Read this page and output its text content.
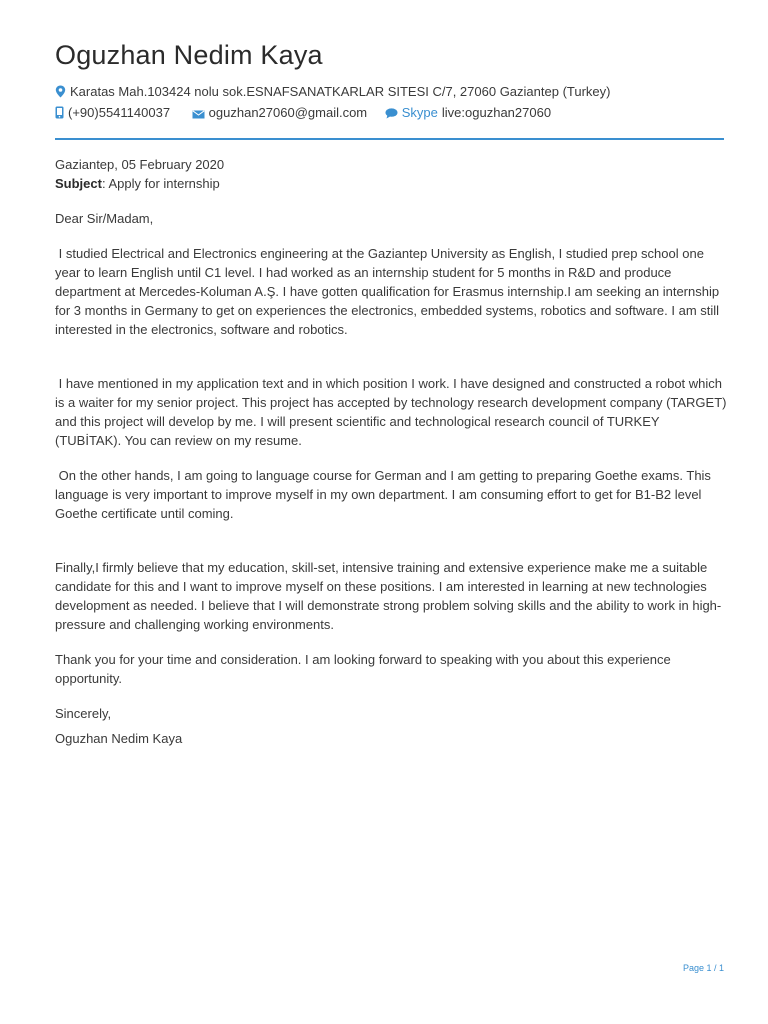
Oguzhan Nedim Kaya
Karatas Mah.103424 nolu sok.ESNAFSANATKARLAR SITESI C/7, 27060 Gaziantep (Turkey)
(+90)5541140037	oguzhan27060@gmail.com	Skype live:oguzhan27060

Gaziantep, 05 February 2020

Subject: Apply for internship

Dear Sir/Madam,

I studied Electrical and Electronics engineering at the Gaziantep University as English, I studied prep school one year to learn English until C1 level. I had worked as an internship student for 5 months in R&D and produce department at Mercedes-Koluman A.Ş. I have gotten qualification for Erasmus internship.I am seeking an internship for 3 months in Germany to get on experiences the electronics, embedded systems, robotics and software. I am still interested in the electronics, software and robotics.

I have mentioned in my application text and in which position I work. I have designed and constructed a robot which is a waiter for my senior project. This project has accepted by technology research development company (TARGET) and this project will develop by me. I will present scientific and technological research council of TURKEY (TUBİTAK). You can review on my resume.

On the other hands, I am going to language course for German and I am getting to preparing Goethe exams. This language is very important to improve myself in my own department. I am consuming effort to get for B1-B2 level Goethe certificate until coming.

Finally,I firmly believe that my education, skill-set, intensive training and extensive experience make me a suitable candidate for this and I want to improve myself on these positions. I am interested in learning at new technologies development as needed. I believe that I will demonstrate strong problem solving skills and the ability to work in high-pressure and challenging working environments.

Thank you for your time and consideration. I am looking forward to speaking with you about this experience opportunity.

Sincerely,

Oguzhan Nedim Kaya

Page 1 / 1
